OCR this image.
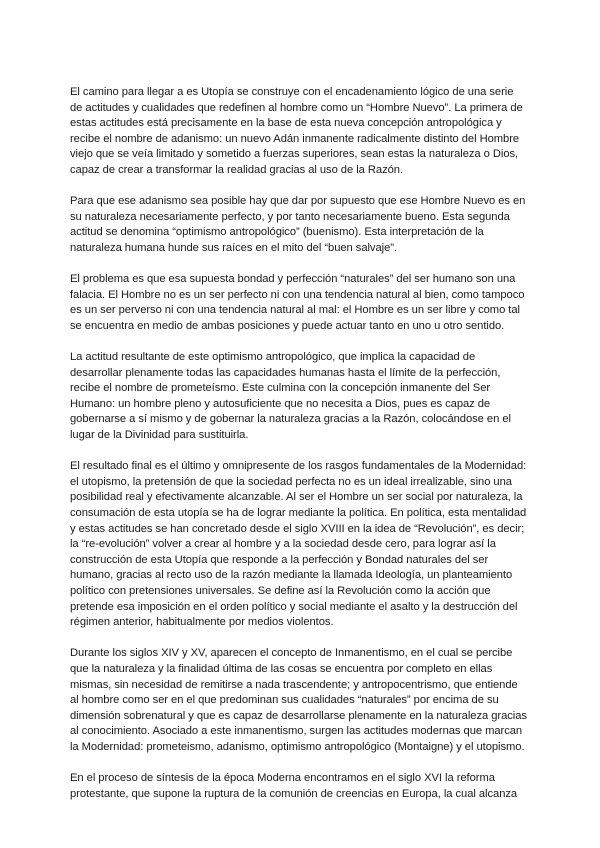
El camino para llegar a es Utopía se construye con el encadenamiento lógico de una serie de actitudes y cualidades que redefinen al hombre como un “Hombre Nuevo”. La primera de estas actitudes está precisamente en la base de esta nueva concepción antropológica y recibe el nombre de adanismo: un nuevo Adán inmanente radicalmente distinto del Hombre viejo que se veía limitado y sometido a fuerzas superiores, sean estas la naturaleza o Dios, capaz de crear a transformar la realidad gracias al uso de la Razón.

Para que ese adanismo sea posible hay que dar por supuesto que ese Hombre Nuevo es en su naturaleza necesariamente perfecto, y por tanto necesariamente bueno. Esta segunda actitud se denomina “optimismo antropológico” (buenismo). Esta interpretación de la naturaleza humana hunde sus raíces en el mito del “buen salvaje”.

El problema es que esa supuesta bondad y perfección “naturales” del ser humano son una falacia. El Hombre no es un ser perfecto ni con una tendencia natural al bien, como tampoco es un ser perverso ni con una tendencia natural al mal: el Hombre es un ser libre y como tal se encuentra en medio de ambas posiciones y puede actuar tanto en uno u otro sentido.

La actitud resultante de este optimismo antropológico, que implica la capacidad de desarrollar plenamente todas las capacidades humanas hasta el límite de la perfección, recibe el nombre de prometeísmo. Este culmina con la concepción inmanente del Ser Humano: un hombre pleno y autosuficiente que no necesita a Dios, pues es capaz de gobernarse a sí mismo y de gobernar la naturaleza gracias a la Razón, colocándose en el lugar de la Divinidad para sustituirla.

El resultado final es el último y omnipresente de los rasgos fundamentales de la Modernidad: el utopismo, la pretensión de que la sociedad perfecta no es un ideal irrealizable, sino una posibilidad real y efectivamente alcanzable. Al ser el Hombre un ser social por naturaleza, la consumación de esta utopía se ha de lograr mediante la política. En política, esta mentalidad y estas actitudes se han concretado desde el siglo XVIII en la idea de “Revolución”, es decir; la “re-evolución” volver a crear al hombre y a la sociedad desde cero, para lograr así la construcción de esta Utopía que responde a la perfección y Bondad naturales del ser humano, gracias al recto uso de la razón mediante la llamada Ideología, un planteamiento político con pretensiones universales. Se define así la Revolución como la acción que pretende esa imposición en el orden político y social mediante el asalto y la destrucción del régimen anterior, habitualmente por medios violentos.

Durante los siglos XIV y XV, aparecen el concepto de Inmanentismo, en el cual se percibe que la naturaleza y la finalidad última de las cosas se encuentra por completo en ellas mismas, sin necesidad de remitirse a nada trascendente; y antropocentrismo, que entiende al hombre como ser en el que predominan sus cualidades “naturales” por encima de su dimensión sobrenatural y que es capaz de desarrollarse plenamente en la naturaleza gracias al conocimiento. Asociado a este inmanentismo, surgen las actitudes modernas que marcan la Modernidad: prometeismo, adanismo, optimismo antropológico (Montaigne) y el utopismo.

En el proceso de síntesis de la época Moderna encontramos en el siglo XVI la reforma protestante, que supone la ruptura de la comunión de creencias en Europa, la cual alcanza
